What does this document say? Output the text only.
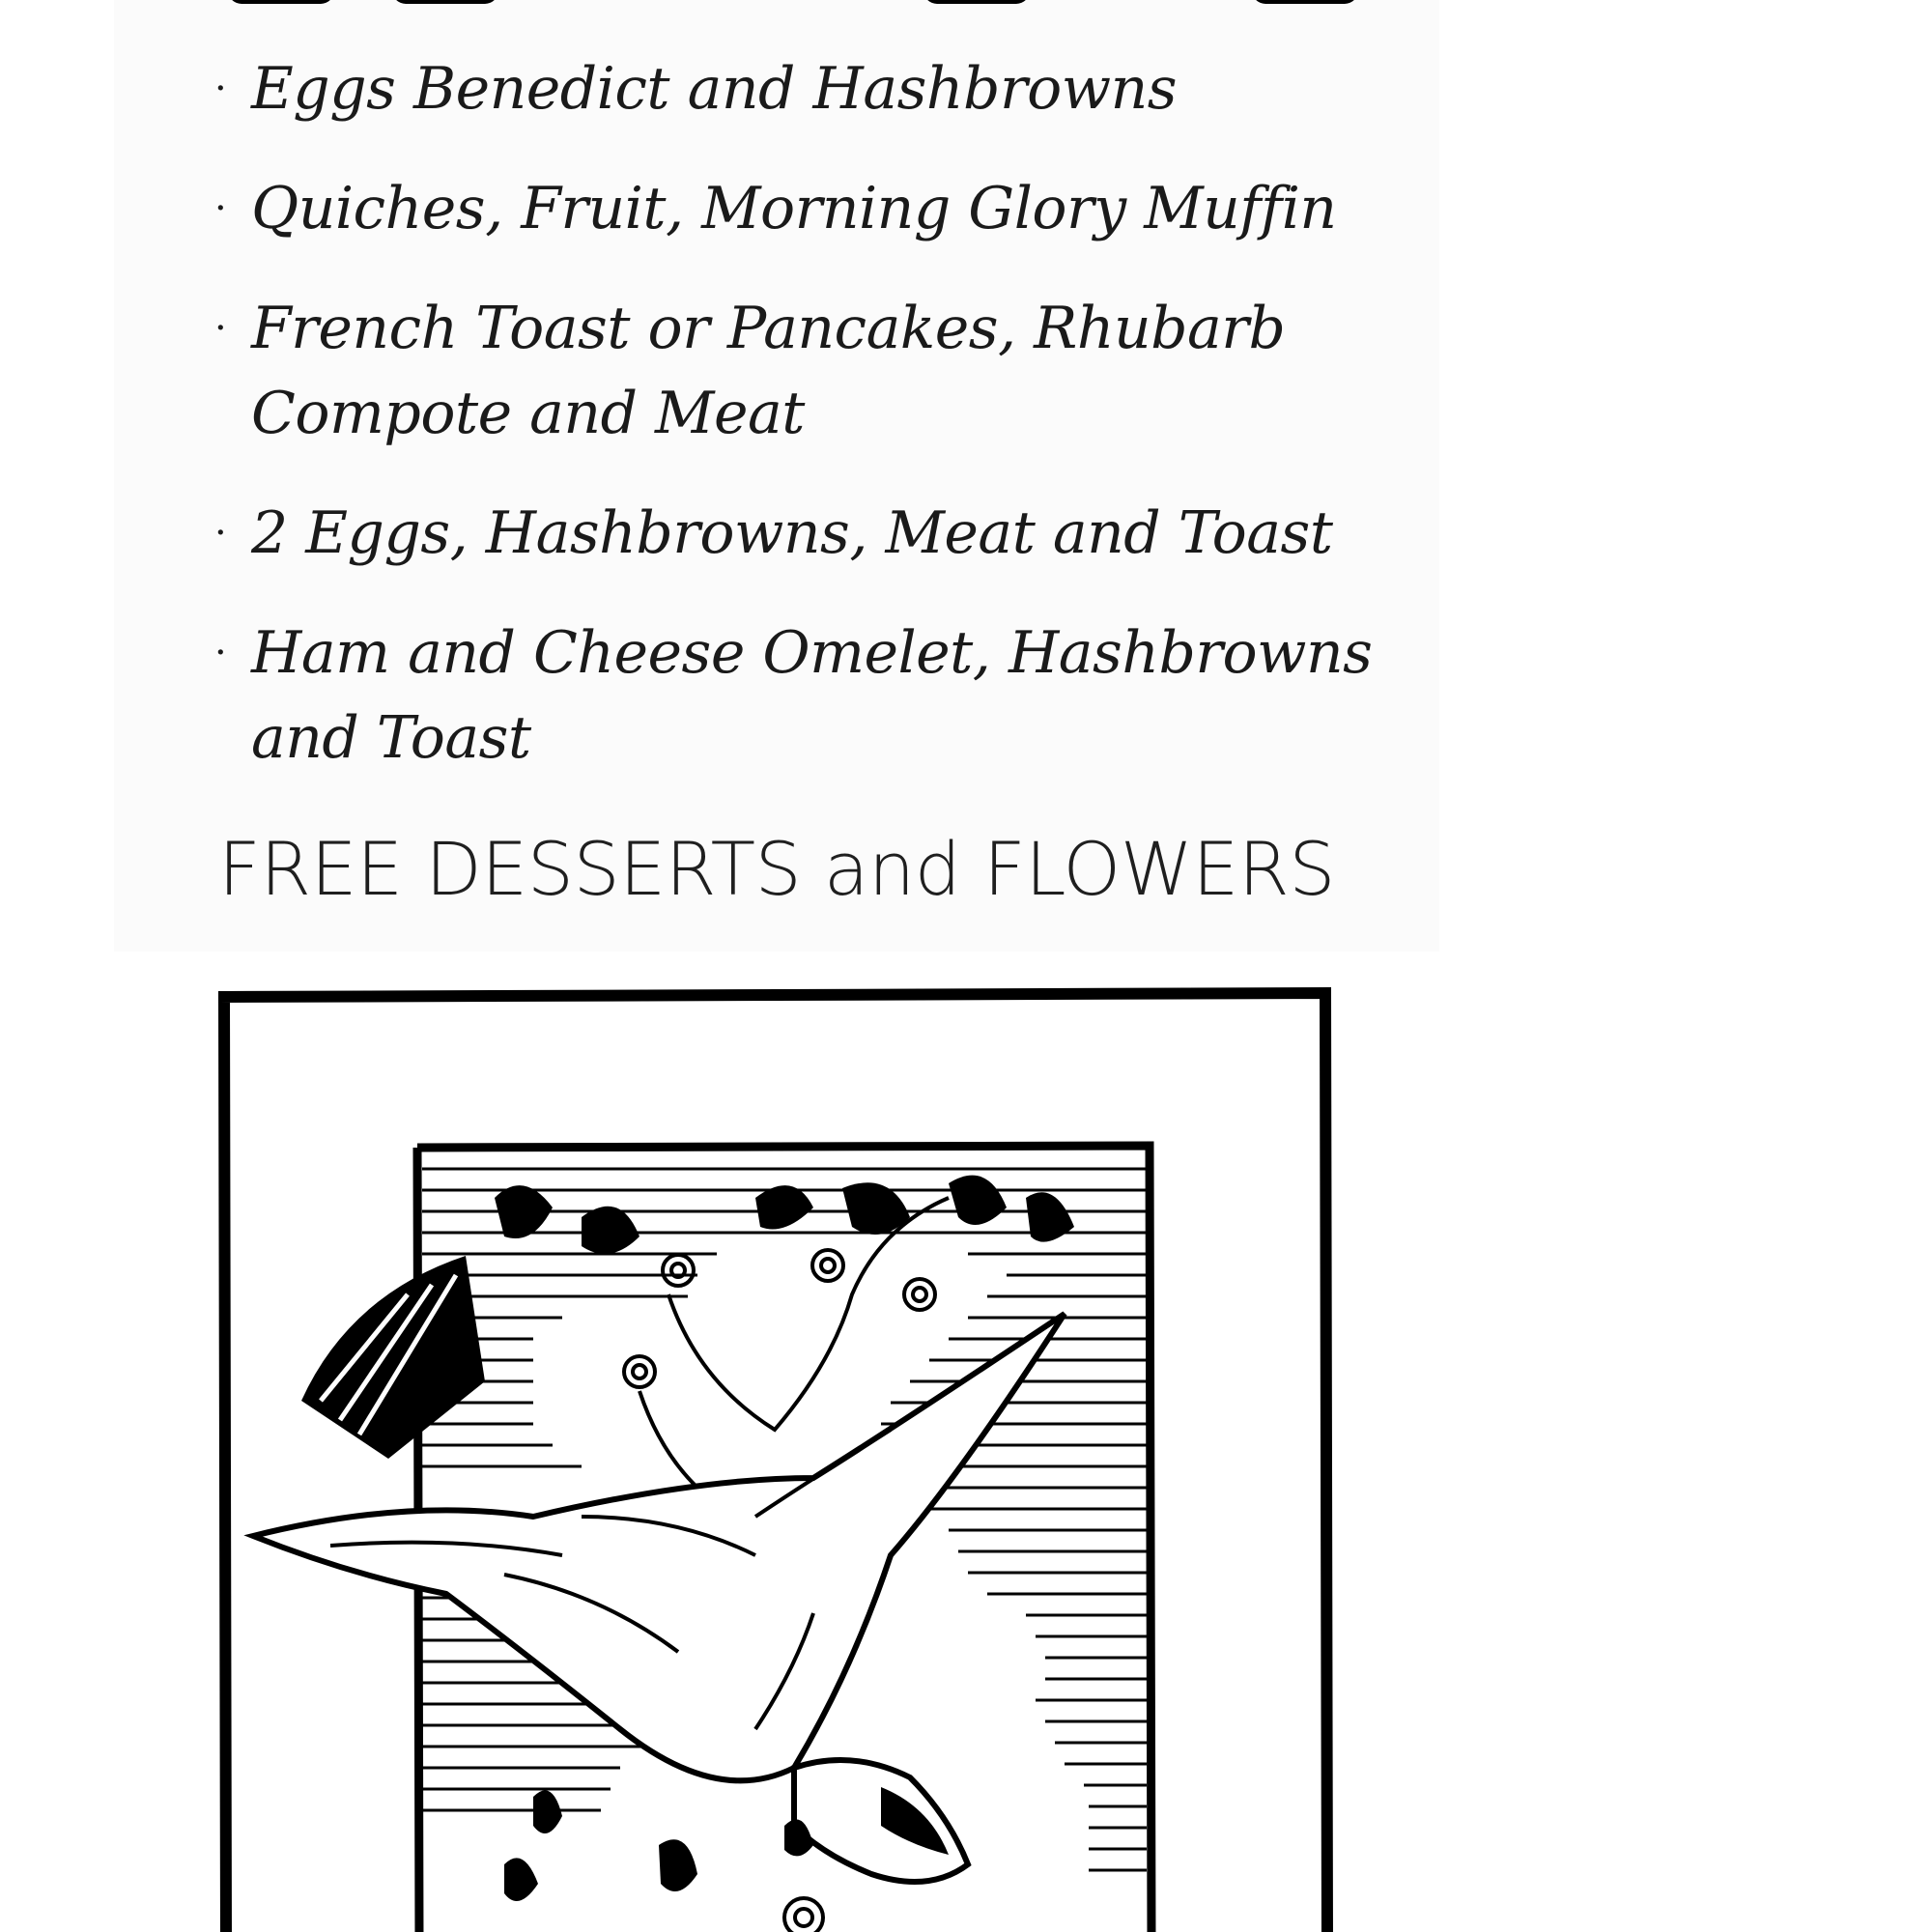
· Eggs Benedict and Hashbrowns
· Quiches, Fruit, Morning Glory Muffin
· French Toast or Pancakes, Rhubarb Compote and Meat
· 2 Eggs, Hashbrowns, Meat and Toast
· Ham and Cheese Omelet, Hashbrowns and Toast
FREE DESSERTS and FLOWERS
